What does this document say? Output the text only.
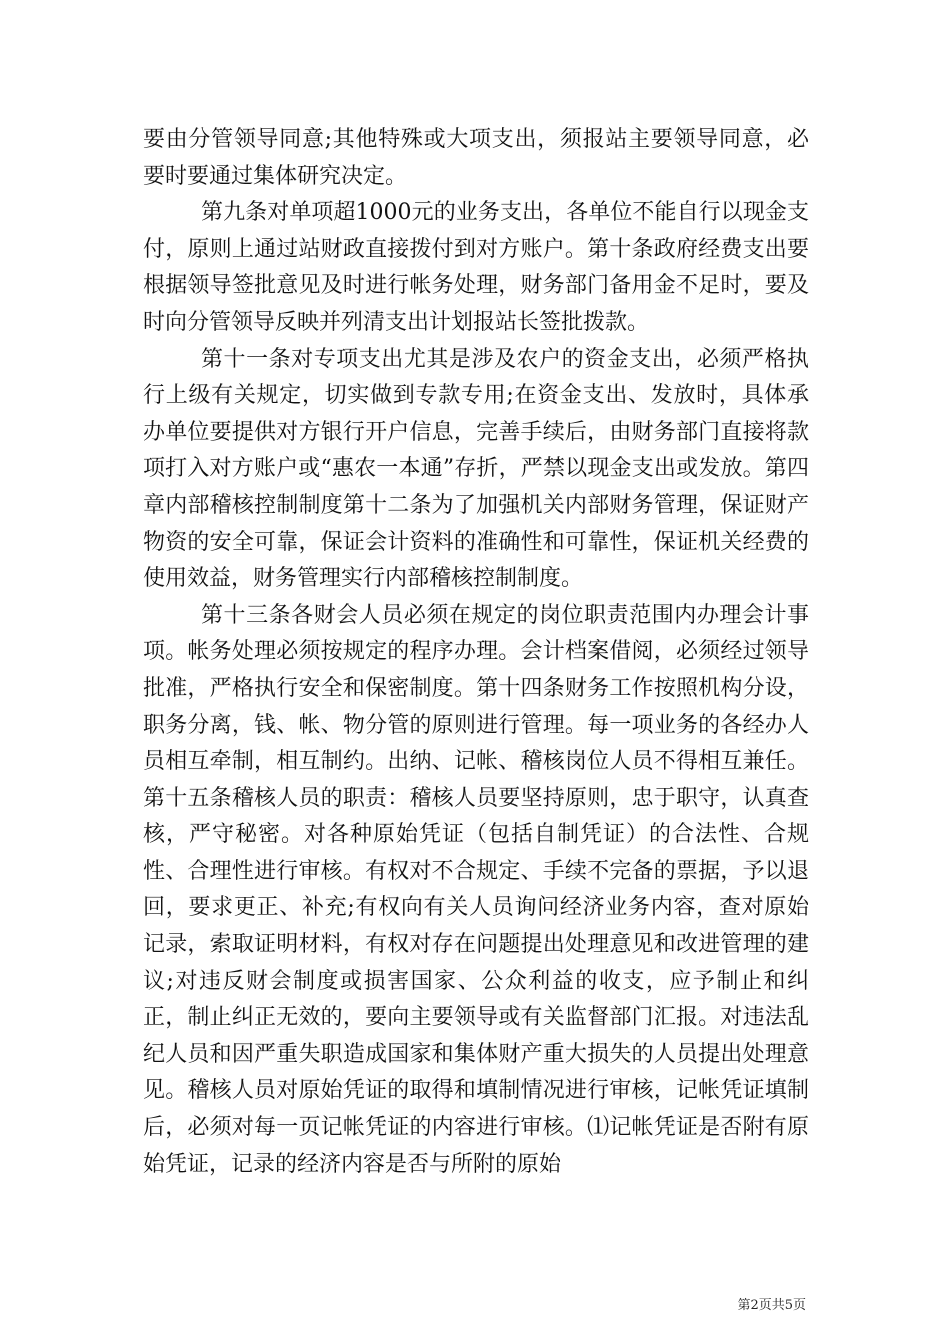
要由分管领导同意;其他特殊或大项支出，须报站主要领导同意，必要时要通过集体研究决定。

第九条对单项超1000元的业务支出，各单位不能自行以现金支付，原则上通过站财政直接拨付到对方账户。第十条政府经费支出要根据领导签批意见及时进行帐务处理，财务部门备用金不足时，要及时向分管领导反映并列清支出计划报站长签批拨款。

第十一条对专项支出尤其是涉及农户的资金支出，必须严格执行上级有关规定，切实做到专款专用;在资金支出、发放时，具体承办单位要提供对方银行开户信息，完善手续后，由财务部门直接将款项打入对方账户或“惠农一本通”存折，严禁以现金支出或发放。第四章内部稽核控制制度第十二条为了加强机关内部财务管理，保证财产物资的安全可靠，保证会计资料的准确性和可靠性，保证机关经费的使用效益，财务管理实行内部稽核控制制度。

第十三条各财会人员必须在规定的岗位职责范围内办理会计事项。帐务处理必须按规定的程序办理。会计档案借阅，必须经过领导批准，严格执行安全和保密制度。第十四条财务工作按照机构分设，职务分离，钱、帐、物分管的原则进行管理。每一项业务的各经办人员相互牵制，相互制约。出纳、记帐、稽核岗位人员不得相互兼任。第十五条稽核人员的职责：稽核人员要坚持原则，忠于职守，认真查核，严守秘密。对各种原始凭证（包括自制凭证）的合法性、合规性、合理性进行审核。有权对不合规定、手续不完备的票据，予以退回，要求更正、补充;有权向有关人员询问经济业务内容，查对原始记录，索取证明材料，有权对存在问题提出处理意见和改进管理的建议;对违反财会制度或损害国家、公众利益的收支，应予制止和纠正，制止纠正无效的，要向主要领导或有关监督部门汇报。对违法乱纪人员和因严重失职造成国家和集体财产重大损失的人员提出处理意见。稽核人员对原始凭证的取得和填制情况进行审核，记帐凭证填制后，必须对每一页记帐凭证的内容进行审核。⑴记帐凭证是否附有原始凭证，记录的经济内容是否与所附的原始

第2页共5页
